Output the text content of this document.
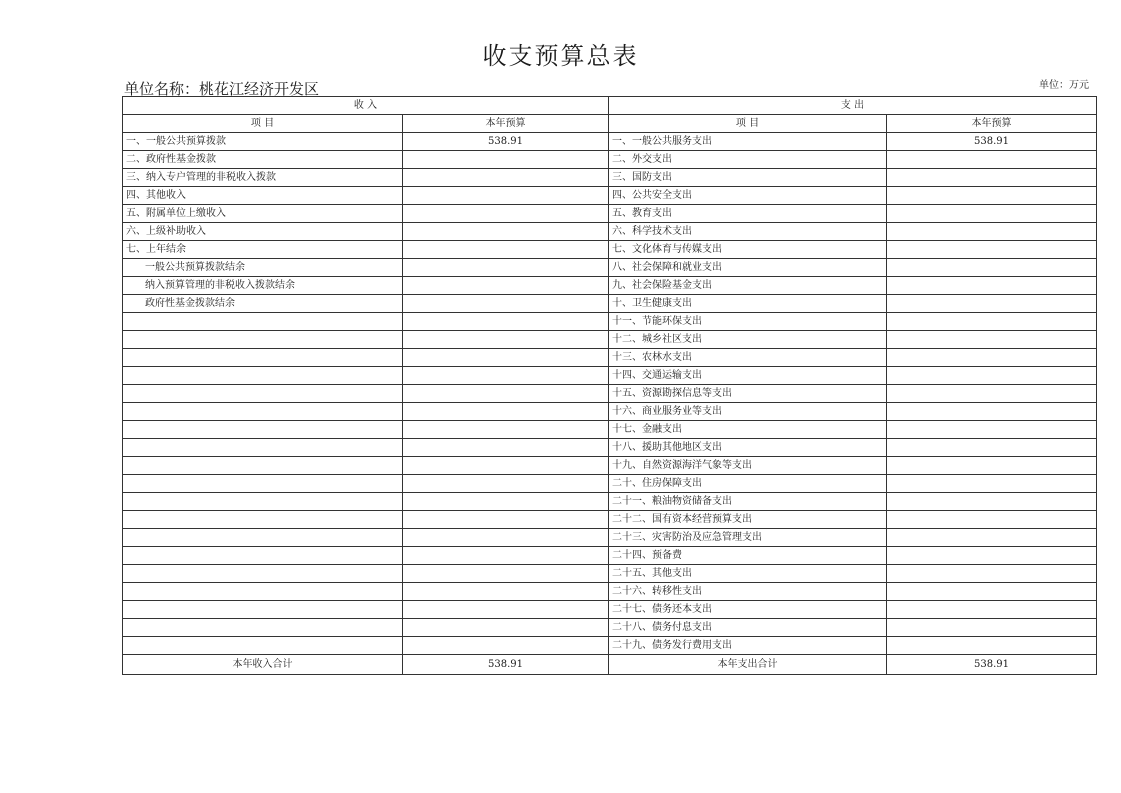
收支预算总表
单位名称：桃花江经济开发区	单位：万元
收 入		支 出	
项 目	本年预算	项 目	本年预算
一、一般公共预算拨款	538.91	一、一般公共服务支出	538.91
二、政府性基金拨款		二、外交支出	
三、纳入专户管理的非税收入拨款		三、国防支出	
四、其他收入		四、公共安全支出	
五、附属单位上缴收入		五、教育支出	
六、上级补助收入		六、科学技术支出	
七、上年结余		七、文化体育与传媒支出	
一般公共预算拨款结余		八、社会保障和就业支出	
纳入预算管理的非税收入拨款结余		九、社会保险基金支出	
政府性基金拨款结余		十、卫生健康支出	
		十一、节能环保支出	
		十二、城乡社区支出	
		十三、农林水支出	
		十四、交通运输支出	
		十五、资源勘探信息等支出	
		十六、商业服务业等支出	
		十七、金融支出	
		十八、援助其他地区支出	
		十九、自然资源海洋气象等支出	
		二十、住房保障支出	
		二十一、粮油物资储备支出	
		二十二、国有资本经营预算支出	
		二十三、灾害防治及应急管理支出	
		二十四、预备费	
		二十五、其他支出	
		二十六、转移性支出	
		二十七、债务还本支出	
		二十八、债务付息支出	
		二十九、债务发行费用支出	
本年收入合计	538.91	本年支出合计	538.91
